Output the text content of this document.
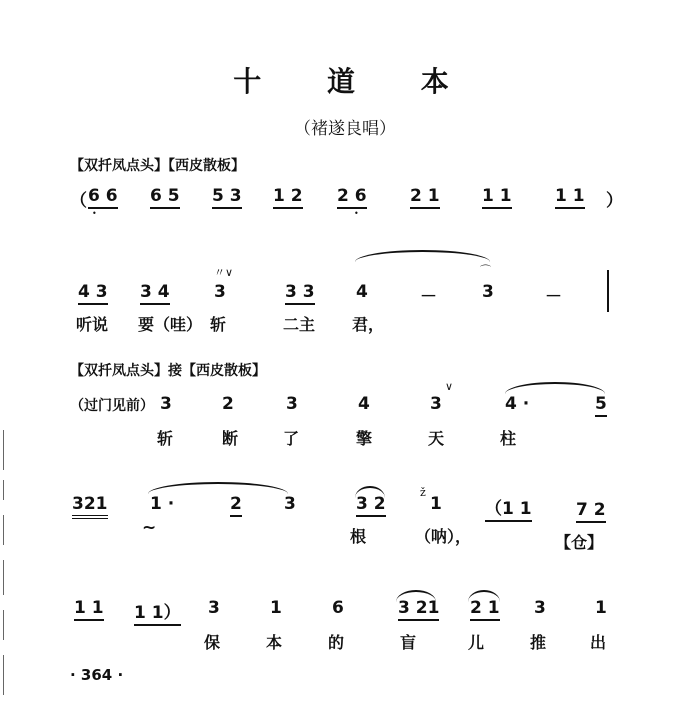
十 道 本
（褚遂良唱）
【双扦凤点头】【西皮散板】
（ 6 6 6 5 5 3 1 2 2 6	2 1 1 1	1 1 ）
•	•
〃∨	⌒
4 3 3 4	3	3 3 4	－	3	－
听说 要（哇） 斩	二主 君，
【双扦凤点头】接【西皮散板】
∨
（过门见前） 3	2	3	4	3	4 ·	5
斩	断	了	擎	天	柱
ž
321	1 ·	2 3	3 2	1	（1 1	7 2
~	根	（呐），	【仓】
1 1 1 1） 3	1	6	3 21 2 1 3	1
保	本	的	盲	儿	推	出
· 364 ·
